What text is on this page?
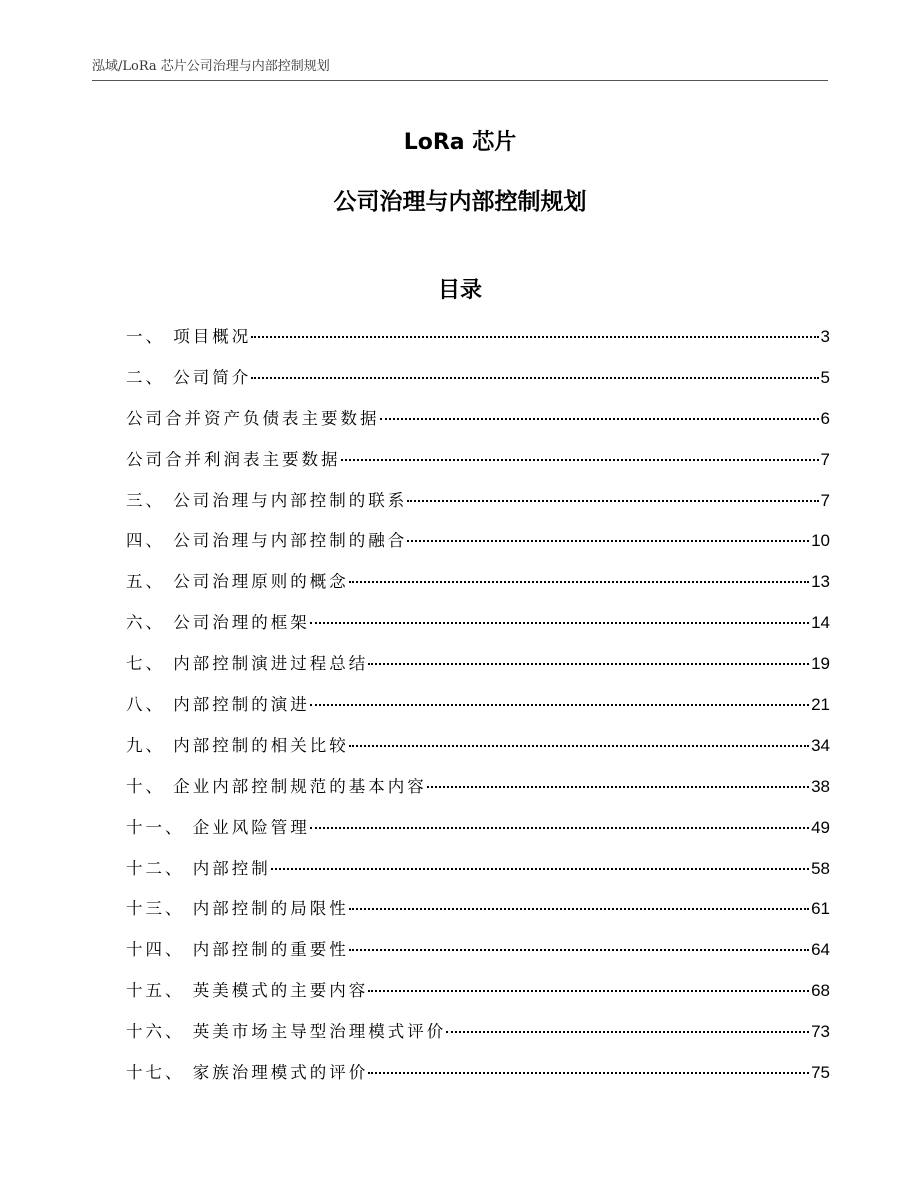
泓域/LoRa 芯片公司治理与内部控制规划
LoRa 芯片
公司治理与内部控制规划
目录
一、 项目概况	3
二、 公司简介	5
公司合并资产负债表主要数据	6
公司合并利润表主要数据	7
三、 公司治理与内部控制的联系	7
四、 公司治理与内部控制的融合	10
五、 公司治理原则的概念	13
六、 公司治理的框架	14
七、 内部控制演进过程总结	19
八、 内部控制的演进	21
九、 内部控制的相关比较	34
十、 企业内部控制规范的基本内容	38
十一、 企业风险管理	49
十二、 内部控制	58
十三、 内部控制的局限性	61
十四、 内部控制的重要性	64
十五、 英美模式的主要内容	68
十六、 英美市场主导型治理模式评价	73
十七、 家族治理模式的评价	75
